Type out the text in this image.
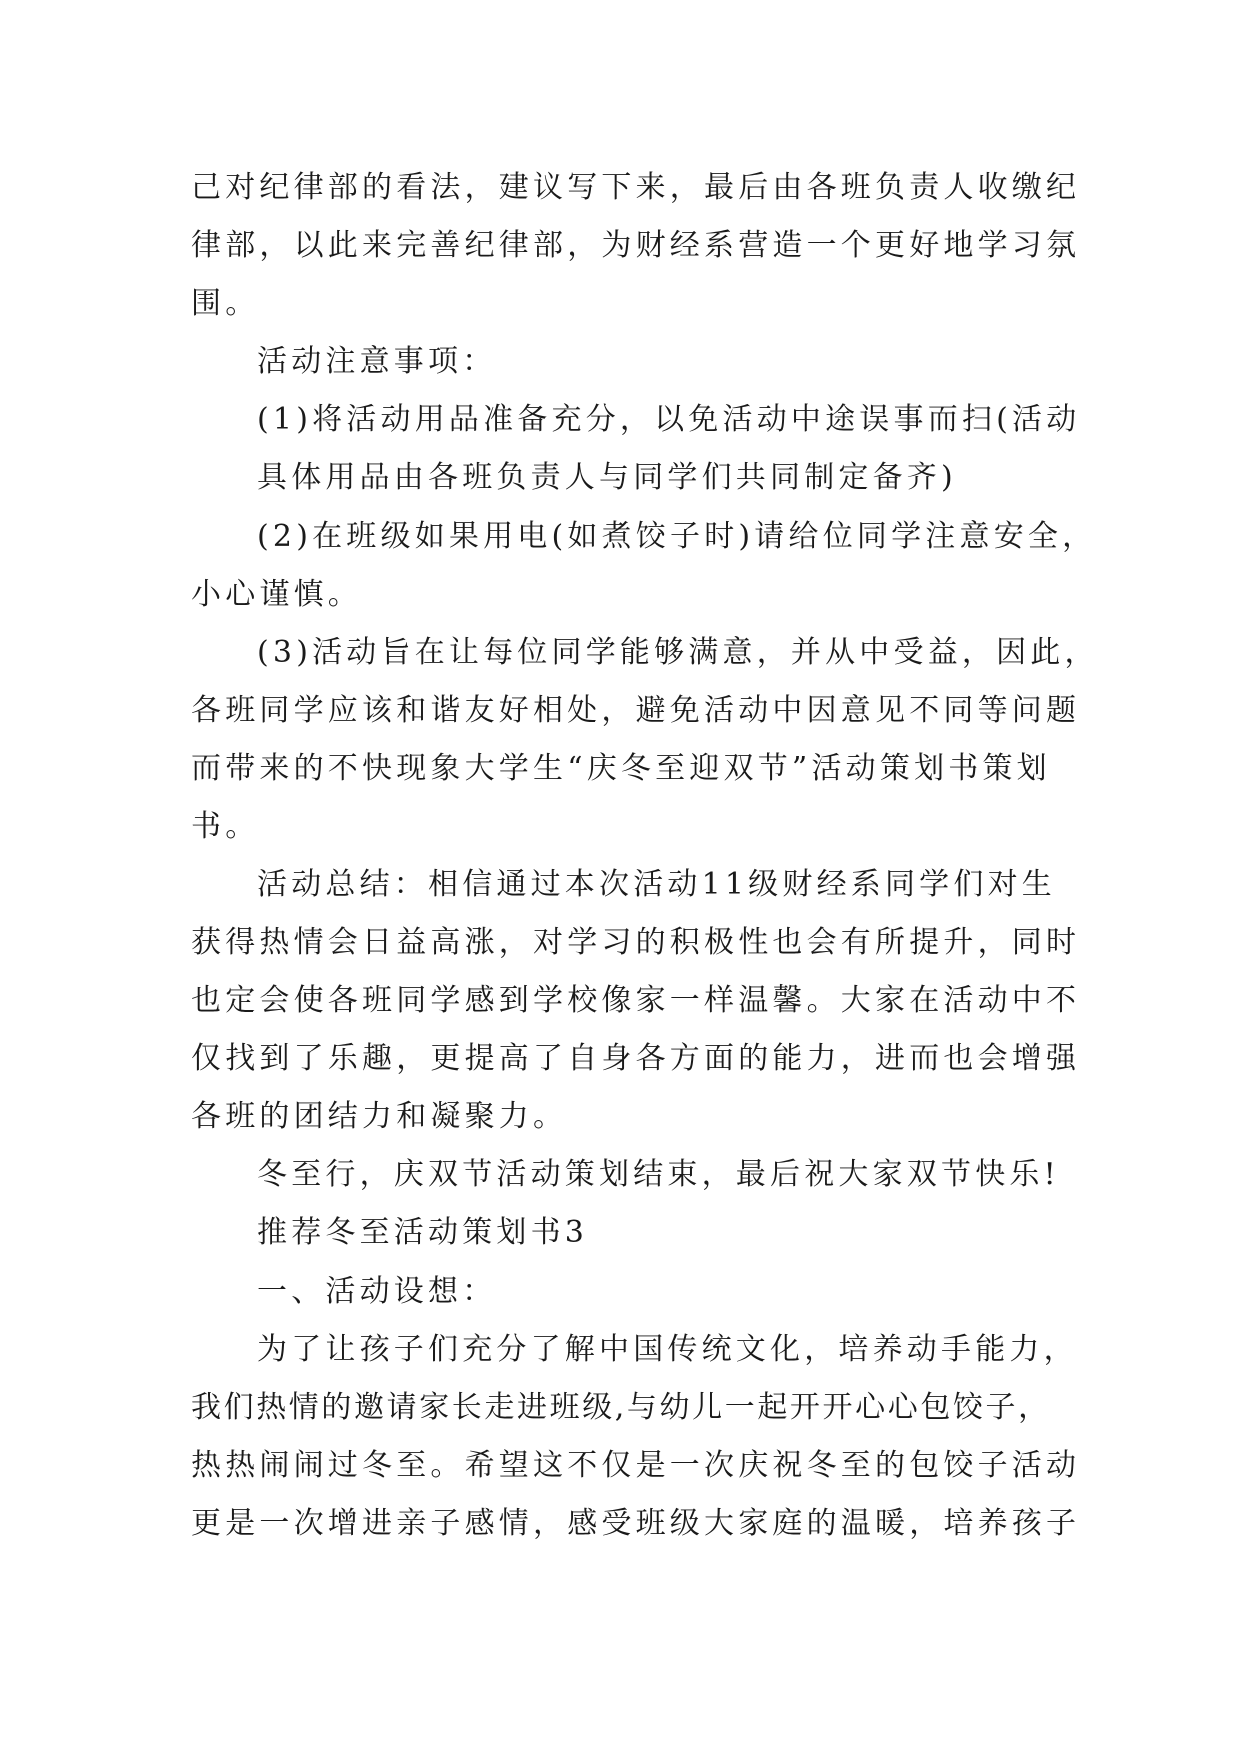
己对纪律部的看法，建议写下来，最后由各班负责人收缴纪
律部，以此来完善纪律部，为财经系营造一个更好地学习氛
围。
活动注意事项：
(1)将活动用品准备充分，以免活动中途误事而扫(活动
具体用品由各班负责人与同学们共同制定备齐)
(2)在班级如果用电(如煮饺子时)请给位同学注意安全，
小心谨慎。
(3)活动旨在让每位同学能够满意，并从中受益，因此，
各班同学应该和谐友好相处，避免活动中因意见不同等问题
而带来的不快现象大学生“庆冬至迎双节”活动策划书策划
书。
活动总结：相信通过本次活动11级财经系同学们对生
获得热情会日益高涨，对学习的积极性也会有所提升，同时
也定会使各班同学感到学校像家一样温馨。大家在活动中不
仅找到了乐趣，更提高了自身各方面的能力，进而也会增强
各班的团结力和凝聚力。
冬至行，庆双节活动策划结束，最后祝大家双节快乐!
推荐冬至活动策划书3
一、活动设想：
为了让孩子们充分了解中国传统文化，培养动手能力，
我们热情的邀请家长走进班级,与幼儿一起开开心心包饺子，
热热闹闹过冬至。希望这不仅是一次庆祝冬至的包饺子活动
更是一次增进亲子感情，感受班级大家庭的温暖，培养孩子
